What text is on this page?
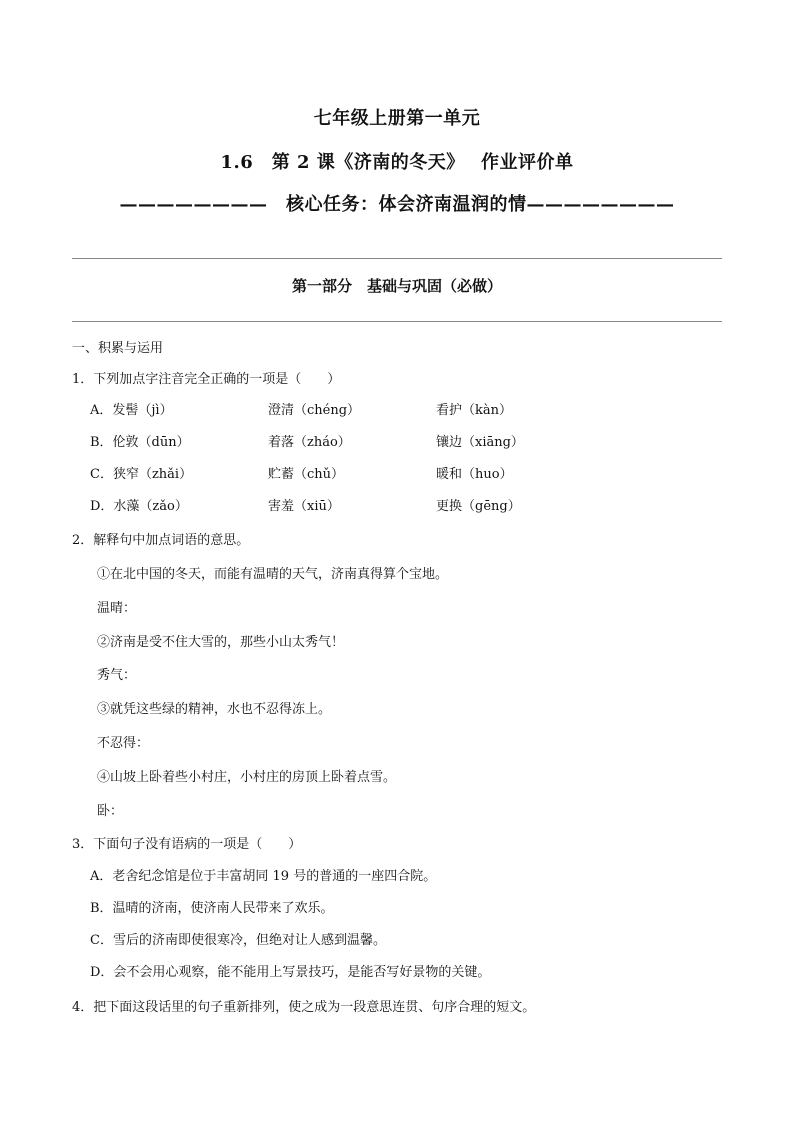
七年级上册第一单元
1.6　第 2 课《济南的冬天》　 作业评价单
————————　核心任务：体会济南温润的情————————
第一部分　基础与巩固（必做）
一、积累与运用
1．下列加点字注音完全正确的一项是（　　）
A．发髻（jì）	澄清（chéng）	看护（kàn）
B．伦敦（dūn）	着落（zháo）	镶边（xiāng）
C．狭窄（zhǎi）	贮蓄（chǔ）	暖和（huo）
D．水藻（zǎo）	害羞（xiū）	更换（gēng）
2．解释句中加点词语的意思。
①在北中国的冬天，而能有温晴的天气，济南真得算个宝地。
温晴：
②济南是受不住大雪的，那些小山太秀气！
秀气：
③就凭这些绿的精神，水也不忍得冻上。
不忍得：
④山坡上卧着些小村庄，小村庄的房顶上卧着点雪。
卧：
3．下面句子没有语病的一项是（　　）
A．老舍纪念馆是位于丰富胡同 19 号的普通的一座四合院。
B．温晴的济南，使济南人民带来了欢乐。
C．雪后的济南即使很寒冷，但绝对让人感到温馨。
D．会不会用心观察，能不能用上写景技巧，是能否写好景物的关键。
4．把下面这段话里的句子重新排列，使之成为一段意思连贯、句序合理的短文。
